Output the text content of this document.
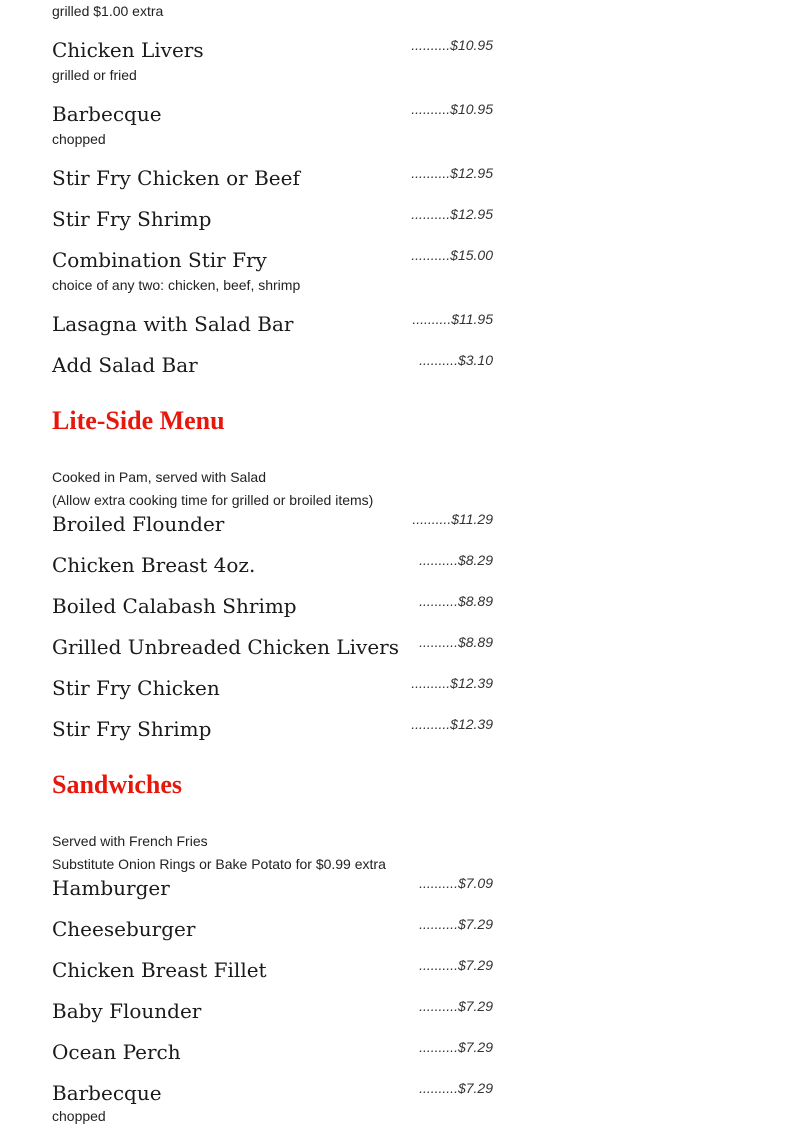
grilled $1.00 extra
Chicken Livers	..........$10.95
grilled or fried
Barbecque	..........$10.95
chopped
Stir Fry Chicken or Beef	..........$12.95
Stir Fry Shrimp	..........$12.95
Combination Stir Fry	..........$15.00
choice of any two: chicken, beef, shrimp
Lasagna with Salad Bar	..........$11.95
Add Salad Bar	..........$3.10
Lite-Side Menu
Cooked in Pam, served with Salad
(Allow extra cooking time for grilled or broiled items)
Broiled Flounder	..........$11.29
Chicken Breast 4oz.	..........$8.29
Boiled Calabash Shrimp	..........$8.89
Grilled Unbreaded Chicken Livers ..........$8.89
Stir Fry Chicken	..........$12.39
Stir Fry Shrimp	..........$12.39
Sandwiches
Served with French Fries
Substitute Onion Rings or Bake Potato for $0.99 extra
Hamburger	..........$7.09
Cheeseburger	..........$7.29
Chicken Breast Fillet	..........$7.29
Baby Flounder	..........$7.29
Ocean Perch	..........$7.29
Barbecque	..........$7.29
chopped
